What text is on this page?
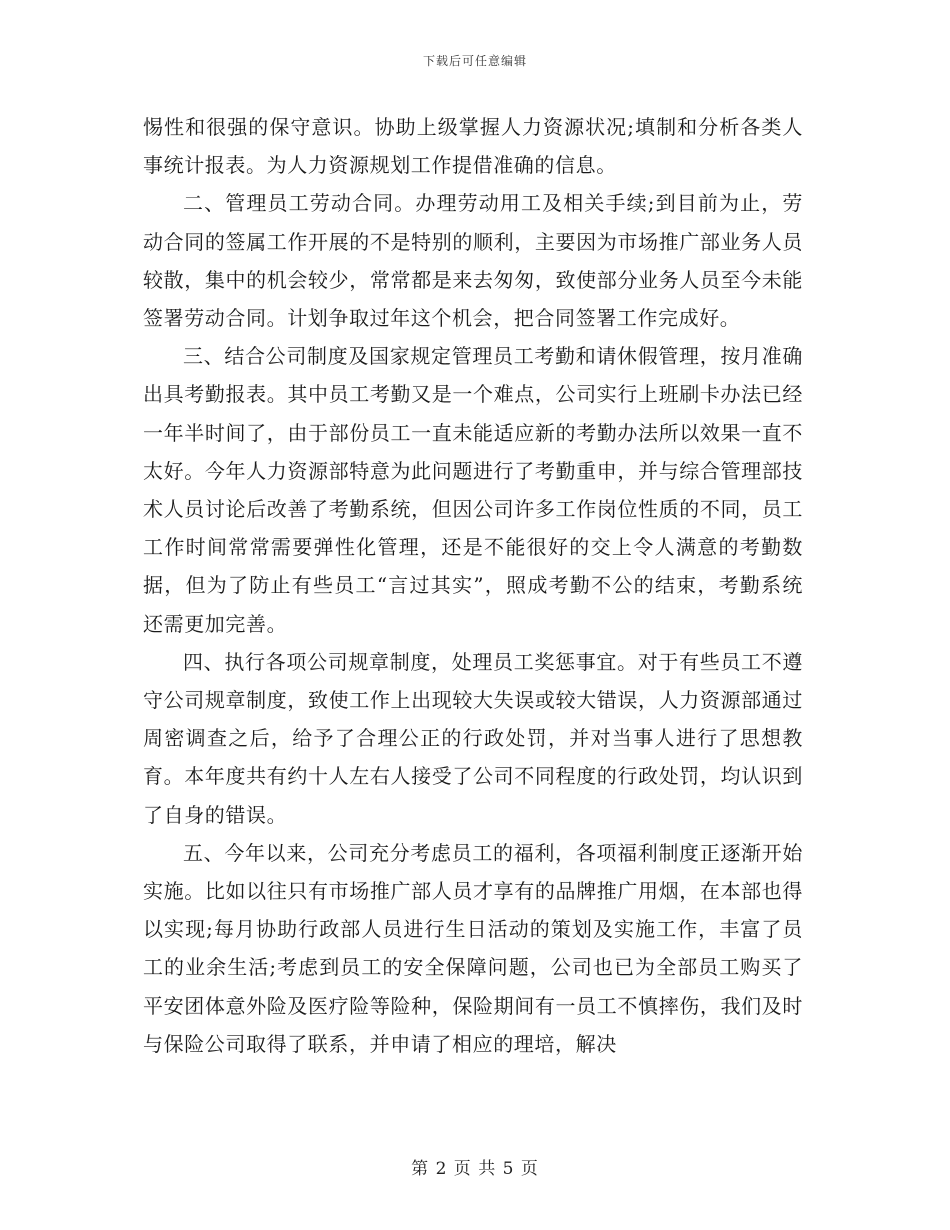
下载后可任意编辑

惕性和很强的保守意识。协助上级掌握人力资源状况;填制和分析各类人事统计报表。为人力资源规划工作提借准确的信息。

二、管理员工劳动合同。办理劳动用工及相关手续;到目前为止，劳动合同的签属工作开展的不是特别的顺利，主要因为市场推广部业务人员较散，集中的机会较少，常常都是来去匆匆，致使部分业务人员至今未能签署劳动合同。计划争取过年这个机会，把合同签署工作完成好。

三、结合公司制度及国家规定管理员工考勤和请休假管理，按月准确出具考勤报表。其中员工考勤又是一个难点，公司实行上班刷卡办法已经一年半时间了，由于部份员工一直未能适应新的考勤办法所以效果一直不太好。今年人力资源部特意为此问题进行了考勤重申，并与综合管理部技术人员讨论后改善了考勤系统，但因公司许多工作岗位性质的不同，员工工作时间常常需要弹性化管理，还是不能很好的交上令人满意的考勤数据，但为了防止有些员工“言过其实”，照成考勤不公的结束，考勤系统还需更加完善。

四、执行各项公司规章制度，处理员工奖惩事宜。对于有些员工不遵守公司规章制度，致使工作上出现较大失误或较大错误，人力资源部通过周密调查之后，给予了合理公正的行政处罚，并对当事人进行了思想教育。本年度共有约十人左右人接受了公司不同程度的行政处罚，均认识到了自身的错误。

五、今年以来，公司充分考虑员工的福利，各项福利制度正逐渐开始实施。比如以往只有市场推广部人员才享有的品牌推广用烟，在本部也得以实现;每月协助行政部人员进行生日活动的策划及实施工作，丰富了员工的业余生活;考虑到员工的安全保障问题，公司也已为全部员工购买了平安团体意外险及医疗险等险种，保险期间有一员工不慎摔伤，我们及时与保险公司取得了联系，并申请了相应的理培，解决

第 2 页 共 5 页
